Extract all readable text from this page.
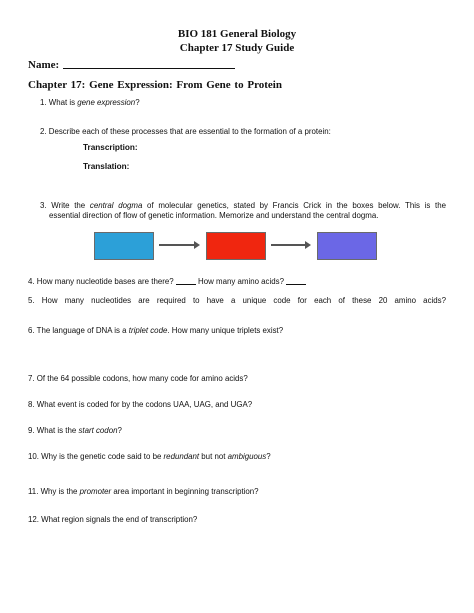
BIO 181 General Biology
Chapter 17 Study Guide
Name:
Chapter 17: Gene Expression: From Gene to Protein
1. What is gene expression?
2. Describe each of these processes that are essential to the formation of a protein:
Transcription:
Translation:
3. Write the central dogma of molecular genetics, stated by Francis Crick in the boxes below. This is the
essential direction of flow of genetic information. Memorize and understand the central dogma.
4. How many nucleotide bases are there?	How many amino acids?
5. How many nucleotides are required to have a unique code for each of these 20 amino acids?
6. The language of DNA is a triplet code. How many unique triplets exist?
7. Of the 64 possible codons, how many code for amino acids?
8. What event is coded for by the codons UAA, UAG, and UGA?
9. What is the start codon?
10. Why is the genetic code said to be redundant but not ambiguous?
11. Why is the promoter area important in beginning transcription?
12. What region signals the end of transcription?
